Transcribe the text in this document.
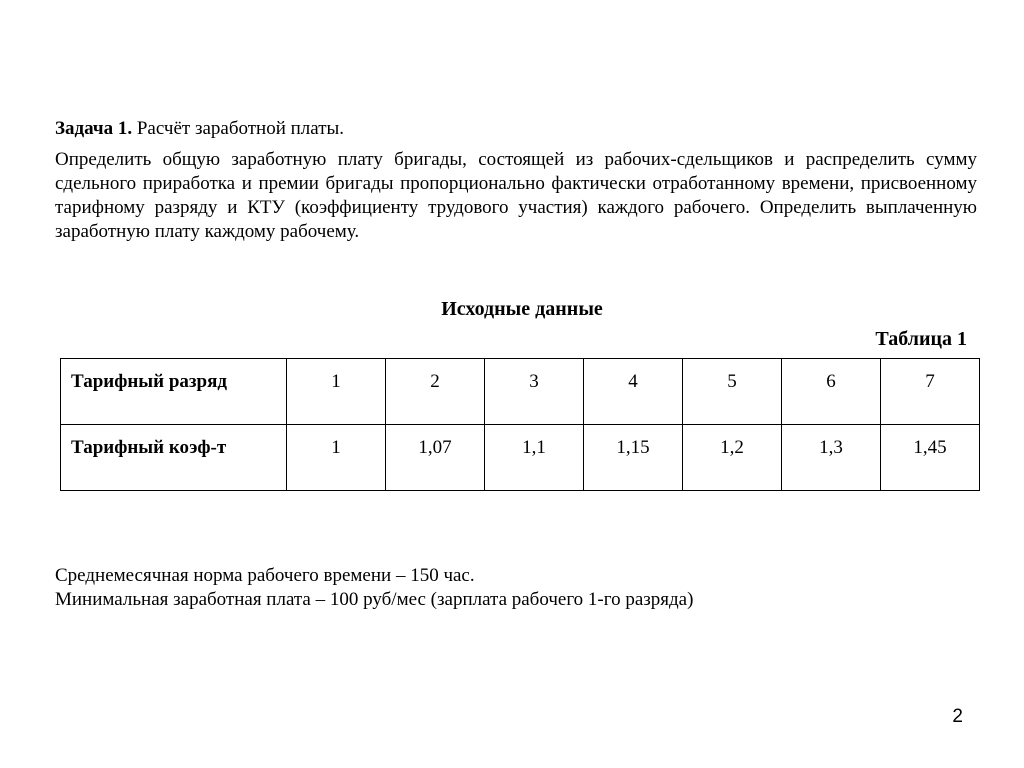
Задача 1. Расчёт заработной платы.

Определить общую заработную плату бригады, состоящей из рабочих-сдельщиков и распределить сумму сдельного приработка и премии бригады пропорционально фактически отработанному времени, присвоенному тарифному разряду и КТУ (коэффициенту трудового участия) каждого рабочего. Определить выплаченную заработную плату каждому рабочему.

Исходные данные

Таблица 1

Тарифный разряд	1	2	3	4	5	6	7
Тарифный коэф-т	1	1,07	1,1	1,15	1,2	1,3	1,45

Среднемесячная норма рабочего времени – 150 час.

Минимальная заработная плата – 100 руб/мес (зарплата рабочего 1-го разряда)

2
